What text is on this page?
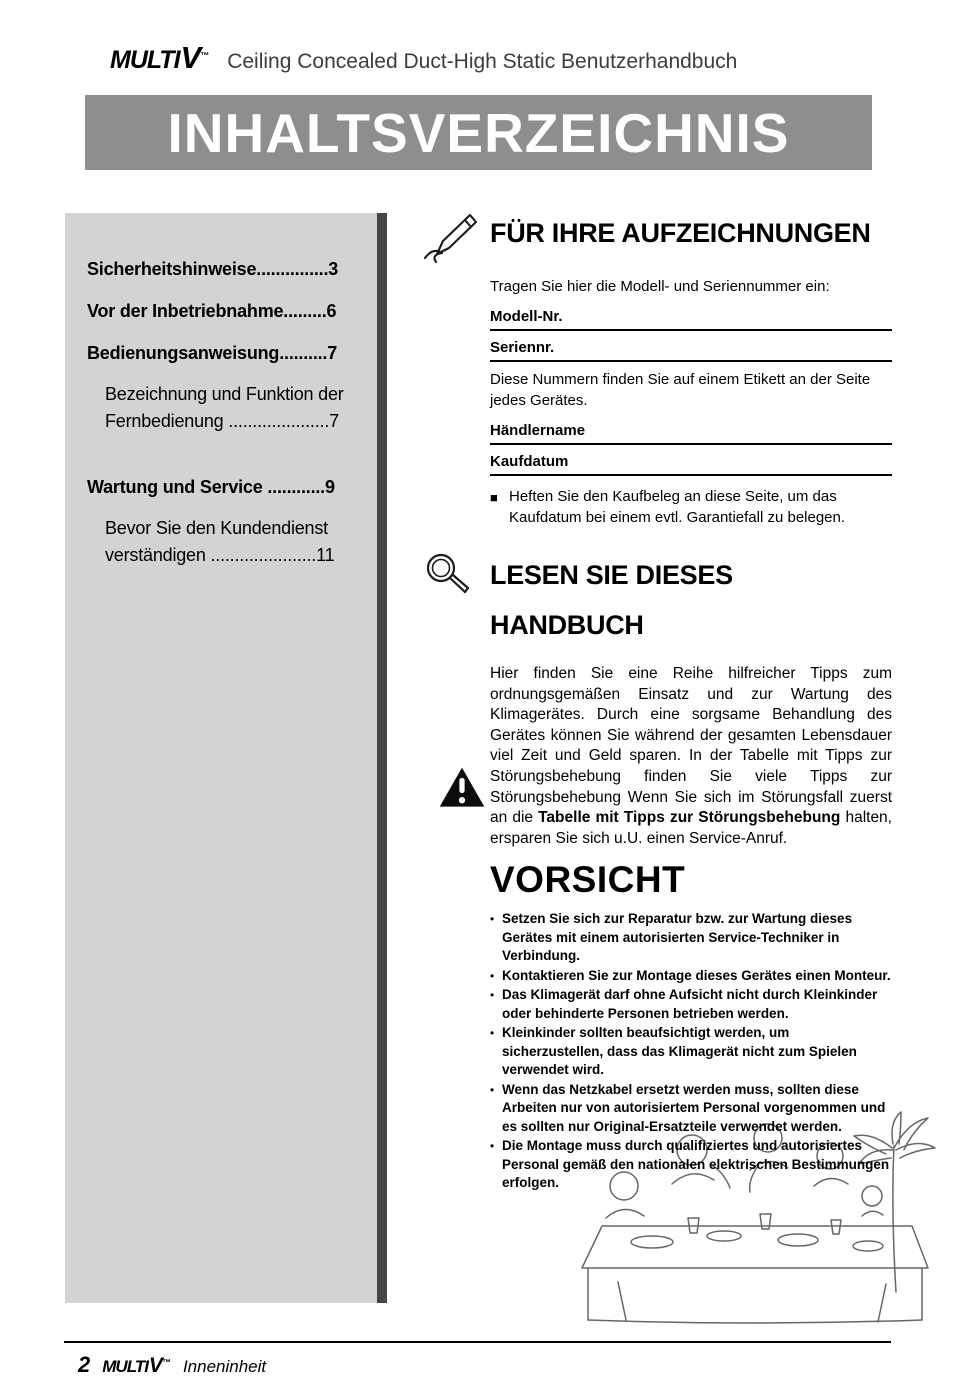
MULTIV™ Ceiling Concealed Duct-High Static Benutzerhandbuch
INHALTSVERZEICHNIS
Sicherheitshinweise...............3
Vor der Inbetriebnahme.........6
Bedienungsanweisung..........7
Bezeichnung und Funktion der Fernbedienung .....................7
Wartung und Service ............9
Bevor Sie den Kundendienst verständigen ......................11
FÜR IHRE AUFZEICHNUNGEN

Tragen Sie hier die Modell- und Seriennummer ein:

Modell-Nr.
Seriennr.

Diese Nummern finden Sie auf einem Etikett an der Seite jedes Gerätes.

Händlername
Kaufdatum

■ Heften Sie den Kaufbeleg an diese Seite, um das Kaufdatum bei einem evtl. Garantiefall zu belegen.

LESEN SIE DIESES HANDBUCH

Hier finden Sie eine Reihe hilfreicher Tipps zum ordnungsgemäßen Einsatz und zur Wartung des Klimagerätes. Durch eine sorgsame Behandlung des Gerätes können Sie während der gesamten Lebensdauer viel Zeit und Geld sparen. In der Tabelle mit Tipps zur Störungsbehebung finden Sie viele Tipps zur Störungsbehebung Wenn Sie sich im Störungsfall zuerst an die Tabelle mit Tipps zur Störungsbehebung halten, ersparen Sie sich u.U. einen Service-Anruf.

VORSICHT
• Setzen Sie sich zur Reparatur bzw. zur Wartung dieses Gerätes mit einem autorisierten Service-Techniker in Verbindung.
• Kontaktieren Sie zur Montage dieses Gerätes einen Monteur.
• Das Klimagerät darf ohne Aufsicht nicht durch Kleinkinder oder behinderte Personen betrieben werden.
• Kleinkinder sollten beaufsichtigt werden, um sicherzustellen, dass das Klimagerät nicht zum Spielen verwendet wird.
• Wenn das Netzkabel ersetzt werden muss, sollten diese Arbeiten nur von autorisiertem Personal vorgenommen und es sollten nur Original-Ersatzteile verwendet werden.
• Die Montage muss durch qualifiziertes und autorisiertes Personal gemäß den nationalen elektrischen Bestimmungen erfolgen.
2 MULTIV™ Inneninheit
